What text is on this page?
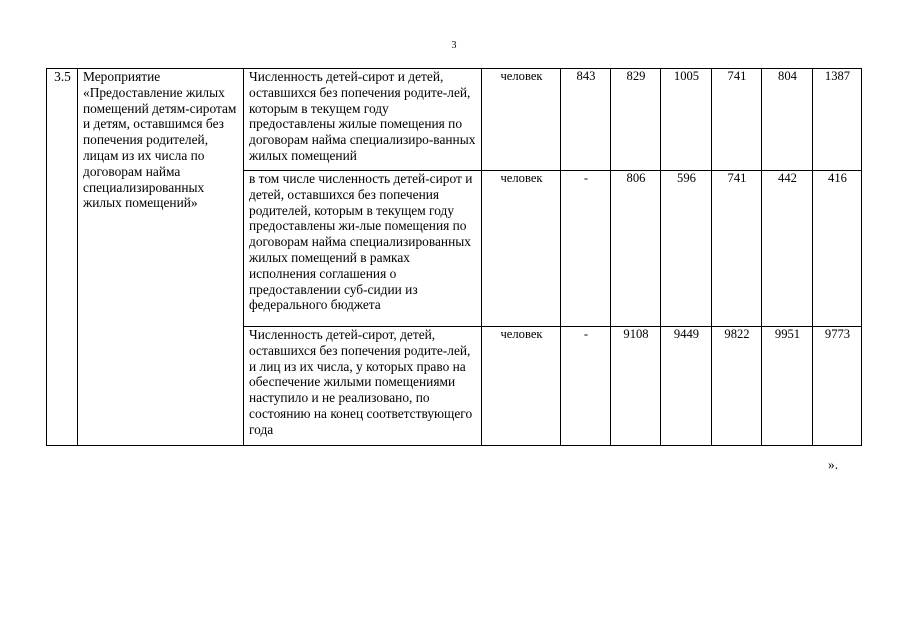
3
3.5	Мероприятие «Предоставление жилых помещений детям-сиротам и детям, оставшимся без попечения родителей, лицам из их числа по договорам найма специализированных жилых помещений»	Численность детей-сирот и детей, оставшихся без попечения родите-лей, которым в текущем году предоставлены жилые помещения по договорам найма специализиро-ванных жилых помещений	человек	843	829	1005	741	804	1387
		в том числе численность детей-сирот и детей, оставшихся без попечения родителей, которым в текущем году предоставлены жи-лые помещения по договорам найма специализированных жилых помещений в рамках исполнения соглашения о предоставлении суб-сидии из федерального бюджета	человек	-	806	596	741	442	416
		Численность детей-сирот, детей, оставшихся без попечения родите-лей, и лиц из их числа, у которых право на обеспечение жилыми помещениями наступило и не реализовано, по состоянию на конец соответствующего года	человек	-	9108	9449	9822	9951	9773
».
